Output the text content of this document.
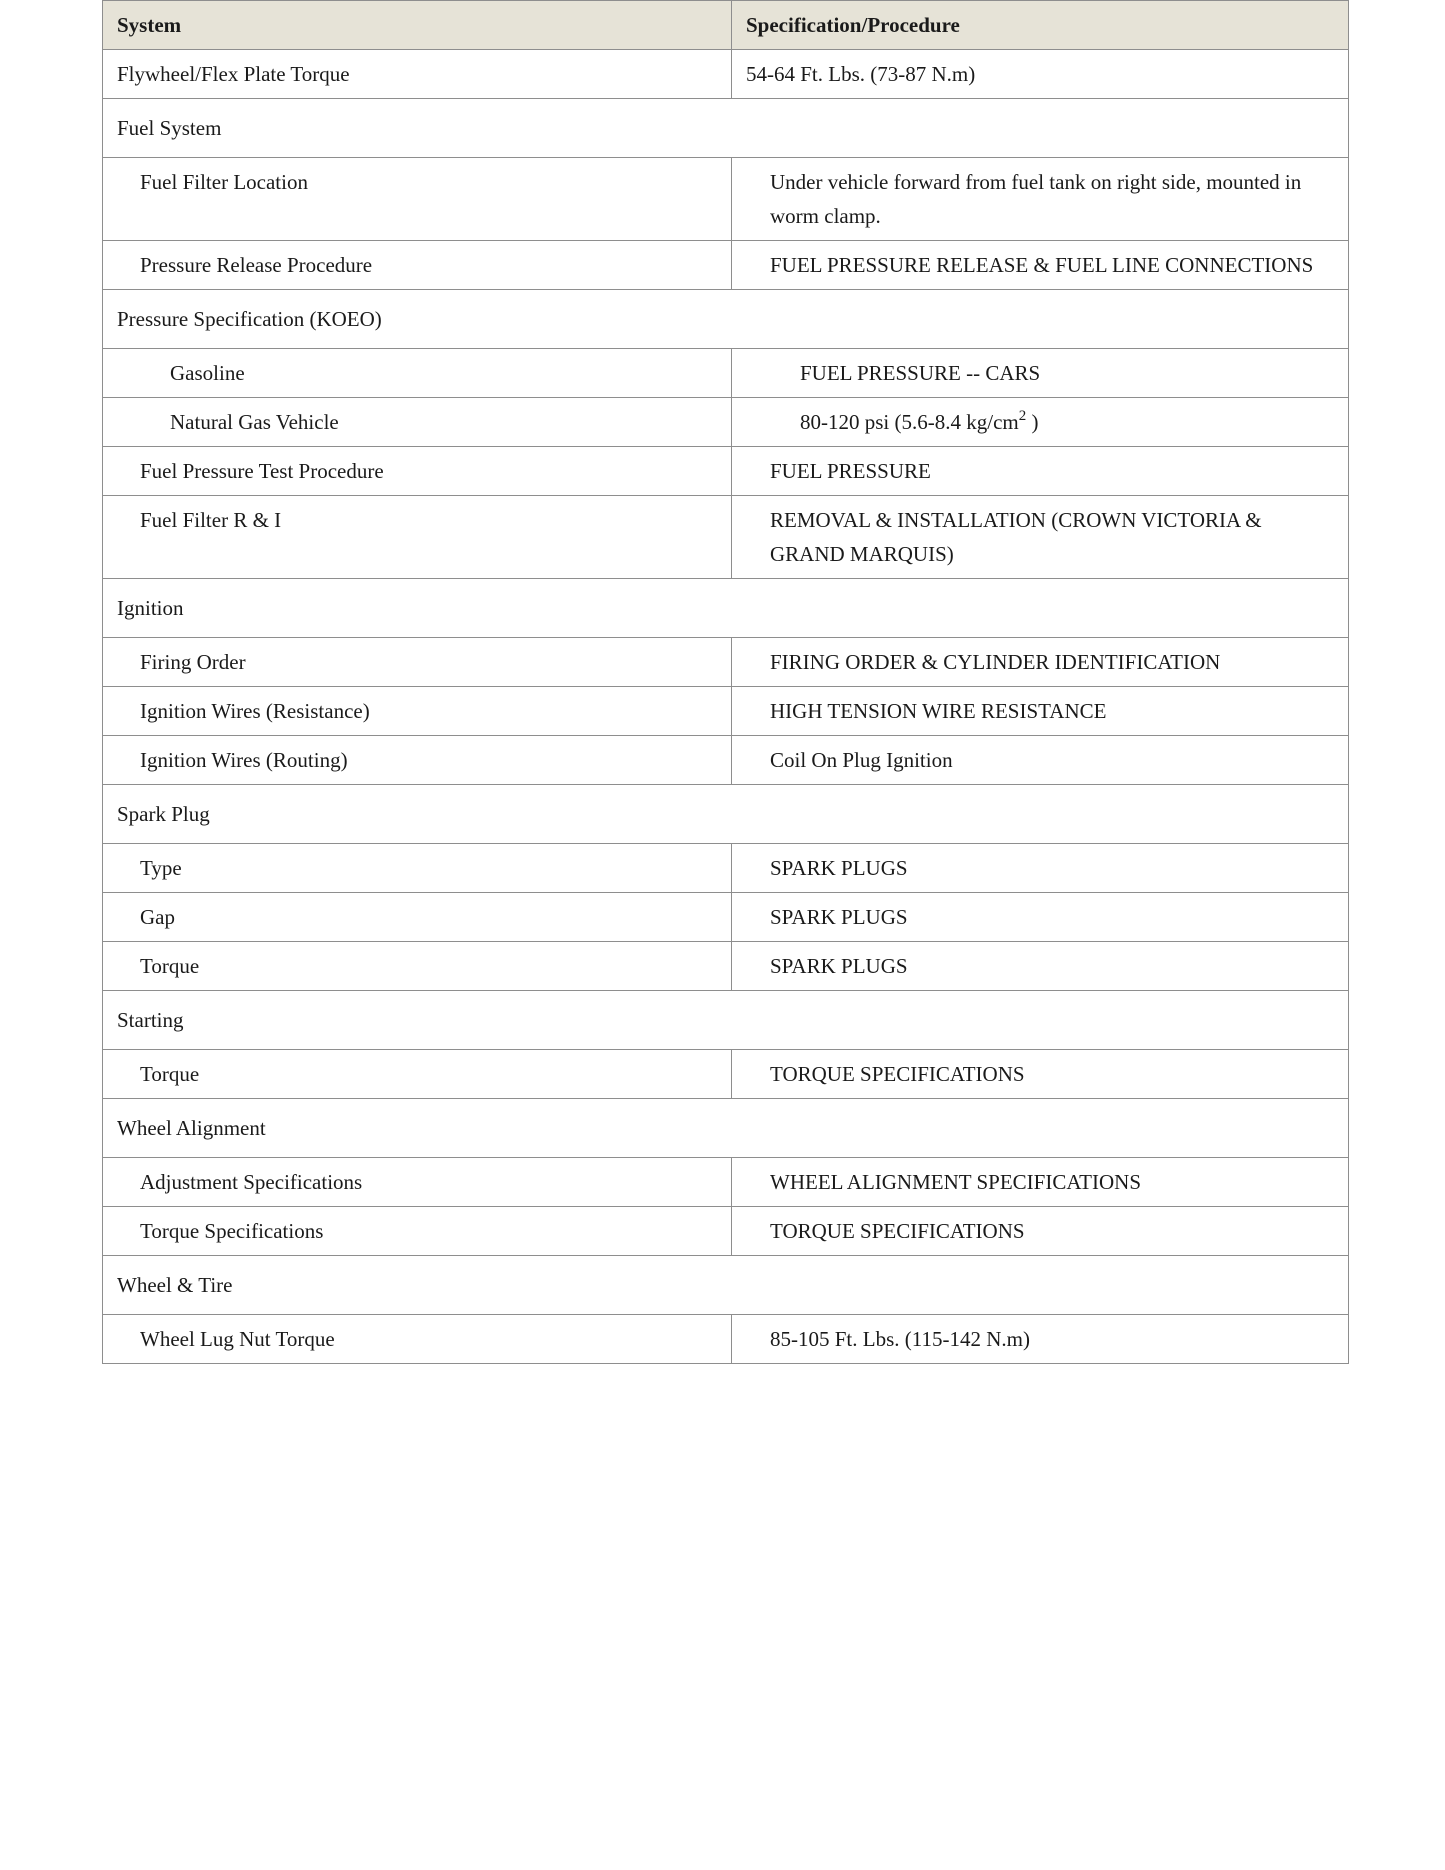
System	Specification/Procedure

Flywheel/Flex Plate Torque	54-64 Ft. Lbs. (73-87 N.m)

Fuel System	

Fuel Filter Location	Under vehicle forward from fuel tank on right side, mounted in worm clamp.

Pressure Release Procedure	FUEL PRESSURE RELEASE & FUEL LINE CONNECTIONS

Pressure Specification (KOEO)	

Gasoline	FUEL PRESSURE -- CARS

Natural Gas Vehicle	80-120 psi (5.6-8.4 $kg/cm^2$ )

Fuel Pressure Test Procedure	FUEL PRESSURE

Fuel Filter R & I	REMOVAL & INSTALLATION (CROWN VICTORIA & GRAND MARQUIS)

Ignition	

Firing Order	FIRING ORDER & CYLINDER IDENTIFICATION

Ignition Wires (Resistance)	HIGH TENSION WIRE RESISTANCE

Ignition Wires (Routing)	Coil On Plug Ignition

Spark Plug	

Type	SPARK PLUGS

Gap	SPARK PLUGS

Torque	SPARK PLUGS

Starting	

Torque	TORQUE SPECIFICATIONS

Wheel Alignment	

Adjustment Specifications	WHEEL ALIGNMENT SPECIFICATIONS

Torque Specifications	TORQUE SPECIFICATIONS

Wheel & Tire	

Wheel Lug Nut Torque	85-105 Ft. Lbs. (115-142 N.m)
